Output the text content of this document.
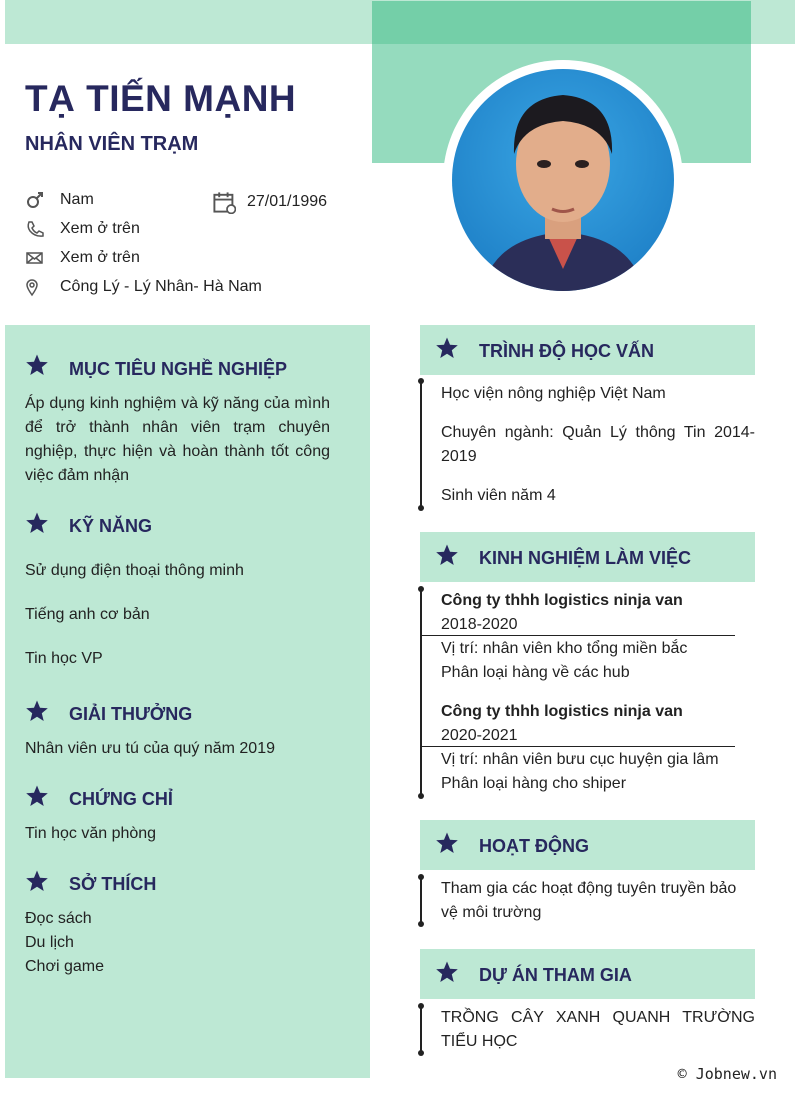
TẠ TIẾN MẠNH
NHÂN VIÊN TRẠM
Nam	27/01/1996
Xem ở trên
Xem ở trên
Công Lý - Lý Nhân- Hà Nam
MỤC TIÊU NGHỀ NGHIỆP
Áp dụng kinh nghiệm và kỹ năng của mình để trở thành nhân viên trạm chuyên nghiệp, thực hiện và hoàn thành tốt công việc đảm nhận
KỸ NĂNG
Sử dụng điện thoại thông minh
Tiếng anh cơ bản
Tin học VP
GIẢI THƯỞNG
Nhân viên ưu tú của quý năm 2019
CHỨNG CHỈ
Tin học văn phòng
SỞ THÍCH
Đọc sách
Du lịch
Chơi game
TRÌNH ĐỘ HỌC VẤN
Học viện nông nghiệp Việt Nam
Chuyên ngành: Quản Lý thông Tin 2014-2019
Sinh viên năm 4
KINH NGHIỆM LÀM VIỆC
Công ty thhh logistics ninja van
2018-2020
Vị trí: nhân viên kho tổng miền bắc
Phân loại hàng về các hub
Công ty thhh logistics ninja van
2020-2021
Vị trí: nhân viên bưu cục huyện gia lâm
Phân loại hàng cho shiper
HOẠT ĐỘNG
Tham gia các hoạt động tuyên truyền bảo vệ môi trường
DỰ ÁN THAM GIA
TRỒNG CÂY XANH QUANH TRƯỜNG TIỂU HỌC
© Jobnew.vn
